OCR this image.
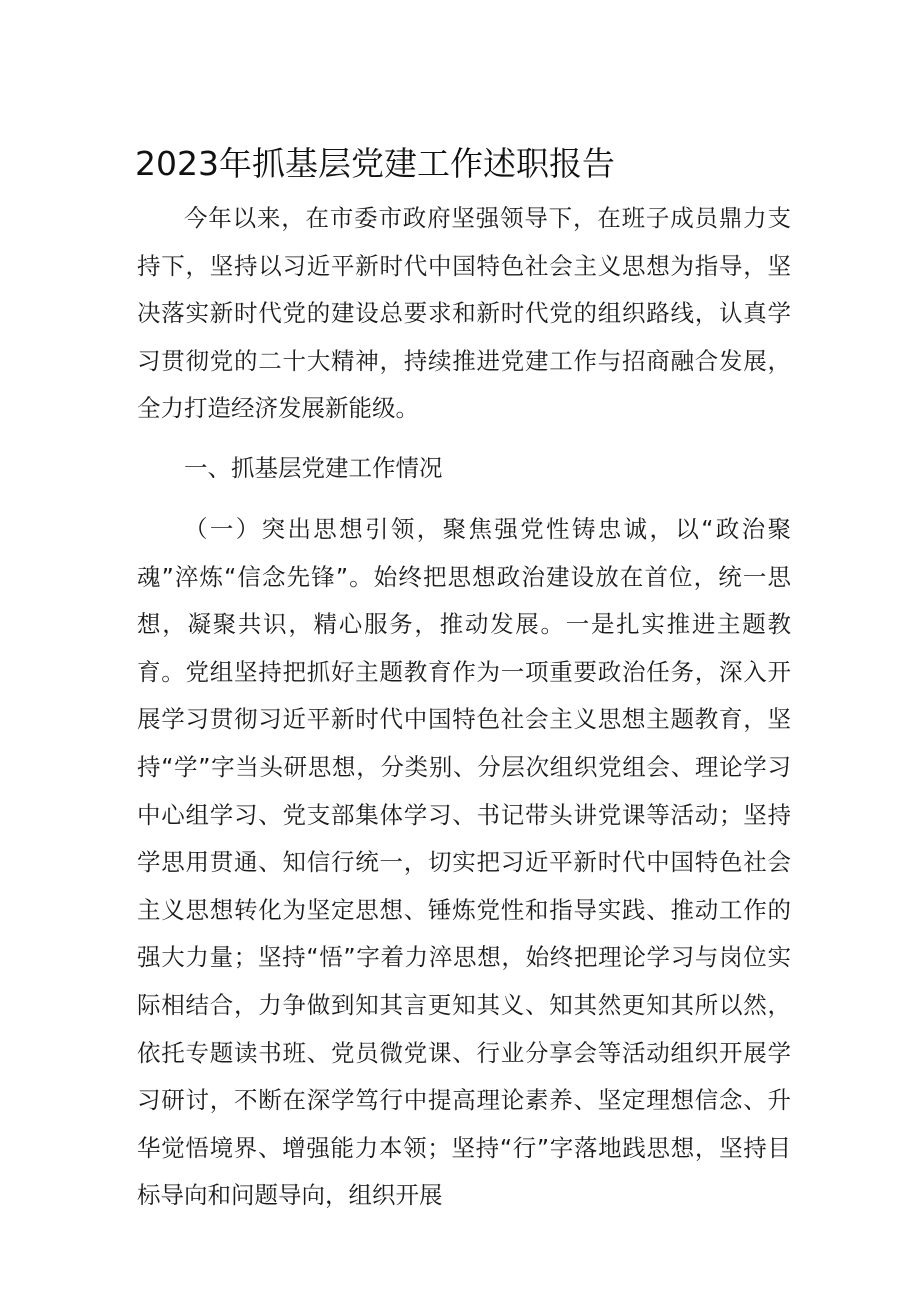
2023年抓基层党建工作述职报告

今年以来，在市委市政府坚强领导下，在班子成员鼎力支持下，坚持以习近平新时代中国特色社会主义思想为指导，坚决落实新时代党的建设总要求和新时代党的组织路线，认真学习贯彻党的二十大精神，持续推进党建工作与招商融合发展，全力打造经济发展新能级。

一、抓基层党建工作情况

（一）突出思想引领，聚焦强党性铸忠诚，以“政治聚魂”淬炼“信念先锋”。始终把思想政治建设放在首位，统一思想，凝聚共识，精心服务，推动发展。一是扎实推进主题教育。党组坚持把抓好主题教育作为一项重要政治任务，深入开展学习贯彻习近平新时代中国特色社会主义思想主题教育，坚持“学”字当头研思想，分类别、分层次组织党组会、理论学习中心组学习、党支部集体学习、书记带头讲党课等活动；坚持学思用贯通、知信行统一，切实把习近平新时代中国特色社会主义思想转化为坚定思想、锤炼党性和指导实践、推动工作的强大力量；坚持“悟”字着力淬思想，始终把理论学习与岗位实际相结合，力争做到知其言更知其义、知其然更知其所以然，依托专题读书班、党员微党课、行业分享会等活动组织开展学习研讨，不断在深学笃行中提高理论素养、坚定理想信念、升华觉悟境界、增强能力本领；坚持“行”字落地践思想，坚持目标导向和问题导向，组织开展
